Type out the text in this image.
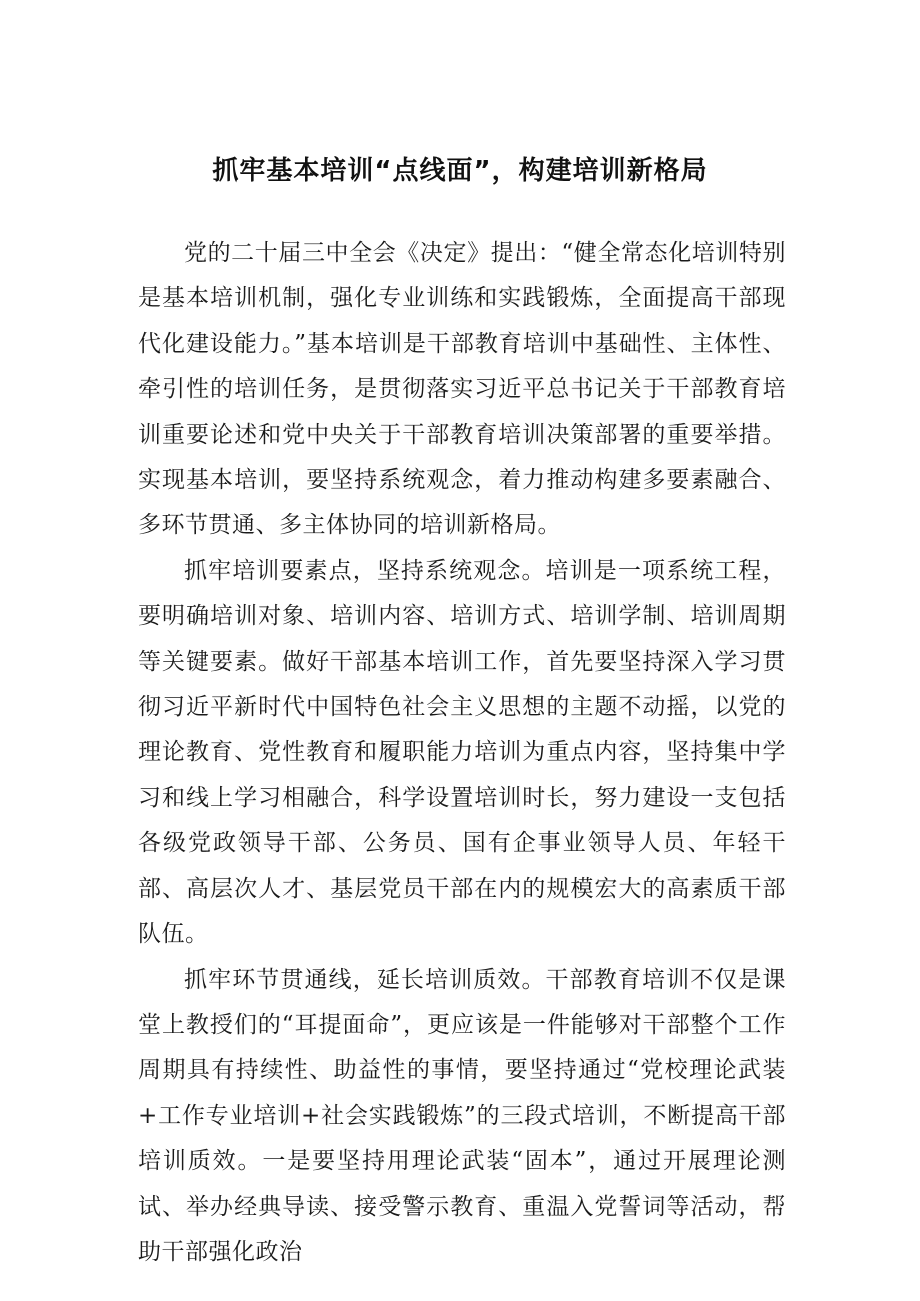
抓牢基本培训“点线面”，构建培训新格局

党的二十届三中全会《决定》提出：“健全常态化培训特别是基本培训机制，强化专业训练和实践锻炼，全面提高干部现代化建设能力。”基本培训是干部教育培训中基础性、主体性、牵引性的培训任务，是贯彻落实习近平总书记关于干部教育培训重要论述和党中央关于干部教育培训决策部署的重要举措。实现基本培训，要坚持系统观念，着力推动构建多要素融合、多环节贯通、多主体协同的培训新格局。

抓牢培训要素点，坚持系统观念。培训是一项系统工程，要明确培训对象、培训内容、培训方式、培训学制、培训周期等关键要素。做好干部基本培训工作，首先要坚持深入学习贯彻习近平新时代中国特色社会主义思想的主题不动摇，以党的理论教育、党性教育和履职能力培训为重点内容，坚持集中学习和线上学习相融合，科学设置培训时长，努力建设一支包括各级党政领导干部、公务员、国有企事业领导人员、年轻干部、高层次人才、基层党员干部在内的规模宏大的高素质干部队伍。

抓牢环节贯通线，延长培训质效。干部教育培训不仅是课堂上教授们的“耳提面命”，更应该是一件能够对干部整个工作周期具有持续性、助益性的事情，要坚持通过“党校理论武装+工作专业培训+社会实践锻炼”的三段式培训，不断提高干部培训质效。一是要坚持用理论武装“固本”，通过开展理论测试、举办经典导读、接受警示教育、重温入党誓词等活动，帮助干部强化政治
